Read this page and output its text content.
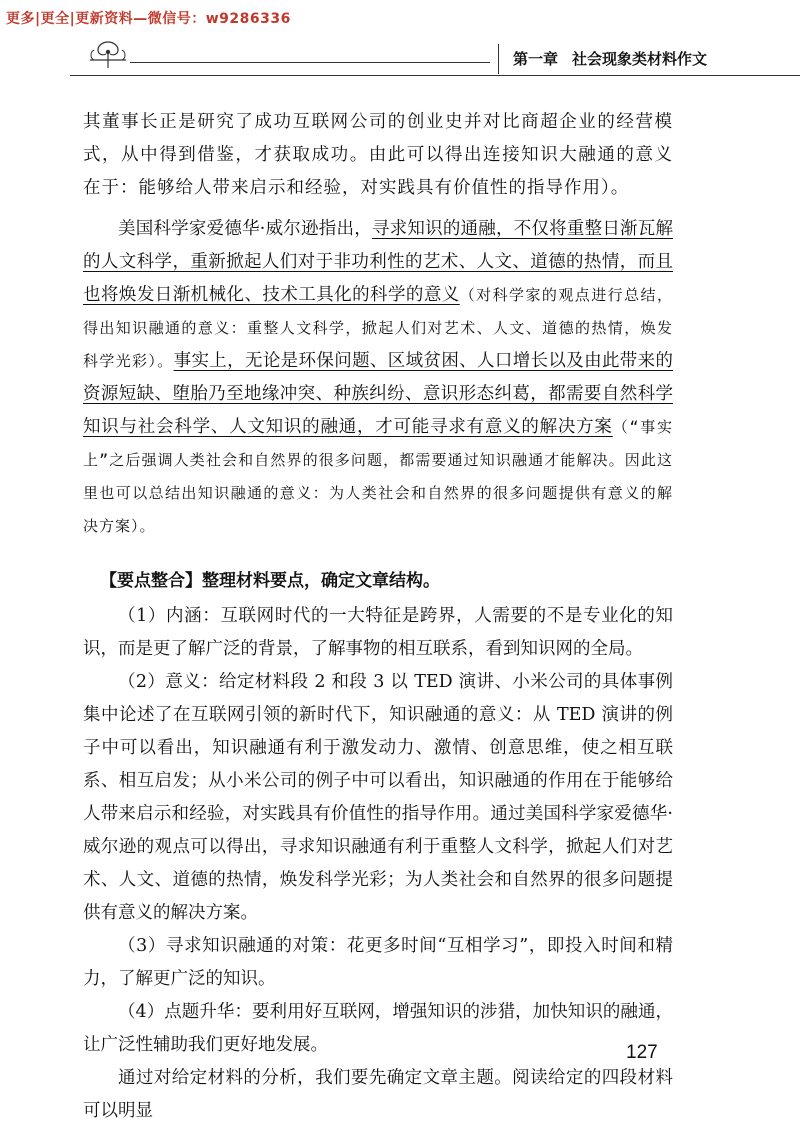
更多|更全|更新资料—微信号：w9286336
第一章 社会现象类材料作文

其董事长正是研究了成功互联网公司的创业史并对比商超企业的经营模式，从中得到借鉴，才获取成功。由此可以得出连接知识大融通的意义在于：能够给人带来启示和经验，对实践具有价值性的指导作用）。

美国科学家爱德华·威尔逊指出，寻求知识的通融，不仅将重整日渐瓦解的人文科学，重新掀起人们对于非功利性的艺术、人文、道德的热情，而且也将焕发日渐机械化、技术工具化的科学的意义（对科学家的观点进行总结，得出知识融通的意义：重整人文科学，掀起人们对艺术、人文、道德的热情，焕发科学光彩）。事实上，无论是环保问题、区域贫困、人口增长以及由此带来的资源短缺、堕胎乃至地缘冲突、种族纠纷、意识形态纠葛，都需要自然科学知识与社会科学、人文知识的融通，才可能寻求有意义的解决方案（“事实上”之后强调人类社会和自然界的很多问题，都需要通过知识融通才能解决。因此这里也可以总结出知识融通的意义：为人类社会和自然界的很多问题提供有意义的解决方案）。

【要点整合】整理材料要点，确定文章结构。

（1）内涵：互联网时代的一大特征是跨界，人需要的不是专业化的知识，而是更了解广泛的背景，了解事物的相互联系，看到知识网的全局。

（2）意义：给定材料段 2 和段 3 以 TED 演讲、小米公司的具体事例集中论述了在互联网引领的新时代下，知识融通的意义：从 TED 演讲的例子中可以看出，知识融通有利于激发动力、激情、创意思维，使之相互联系、相互启发；从小米公司的例子中可以看出，知识融通的作用在于能够给人带来启示和经验，对实践具有价值性的指导作用。通过美国科学家爱德华·威尔逊的观点可以得出，寻求知识融通有利于重整人文科学，掀起人们对艺术、人文、道德的热情，焕发科学光彩；为人类社会和自然界的很多问题提供有意义的解决方案。

（3）寻求知识融通的对策：花更多时间“互相学习”，即投入时间和精力，了解更广泛的知识。

（4）点题升华：要利用好互联网，增强知识的涉猎，加快知识的融通，让广泛性辅助我们更好地发展。

通过对给定材料的分析，我们要先确定文章主题。阅读给定的四段材料可以明显

127
